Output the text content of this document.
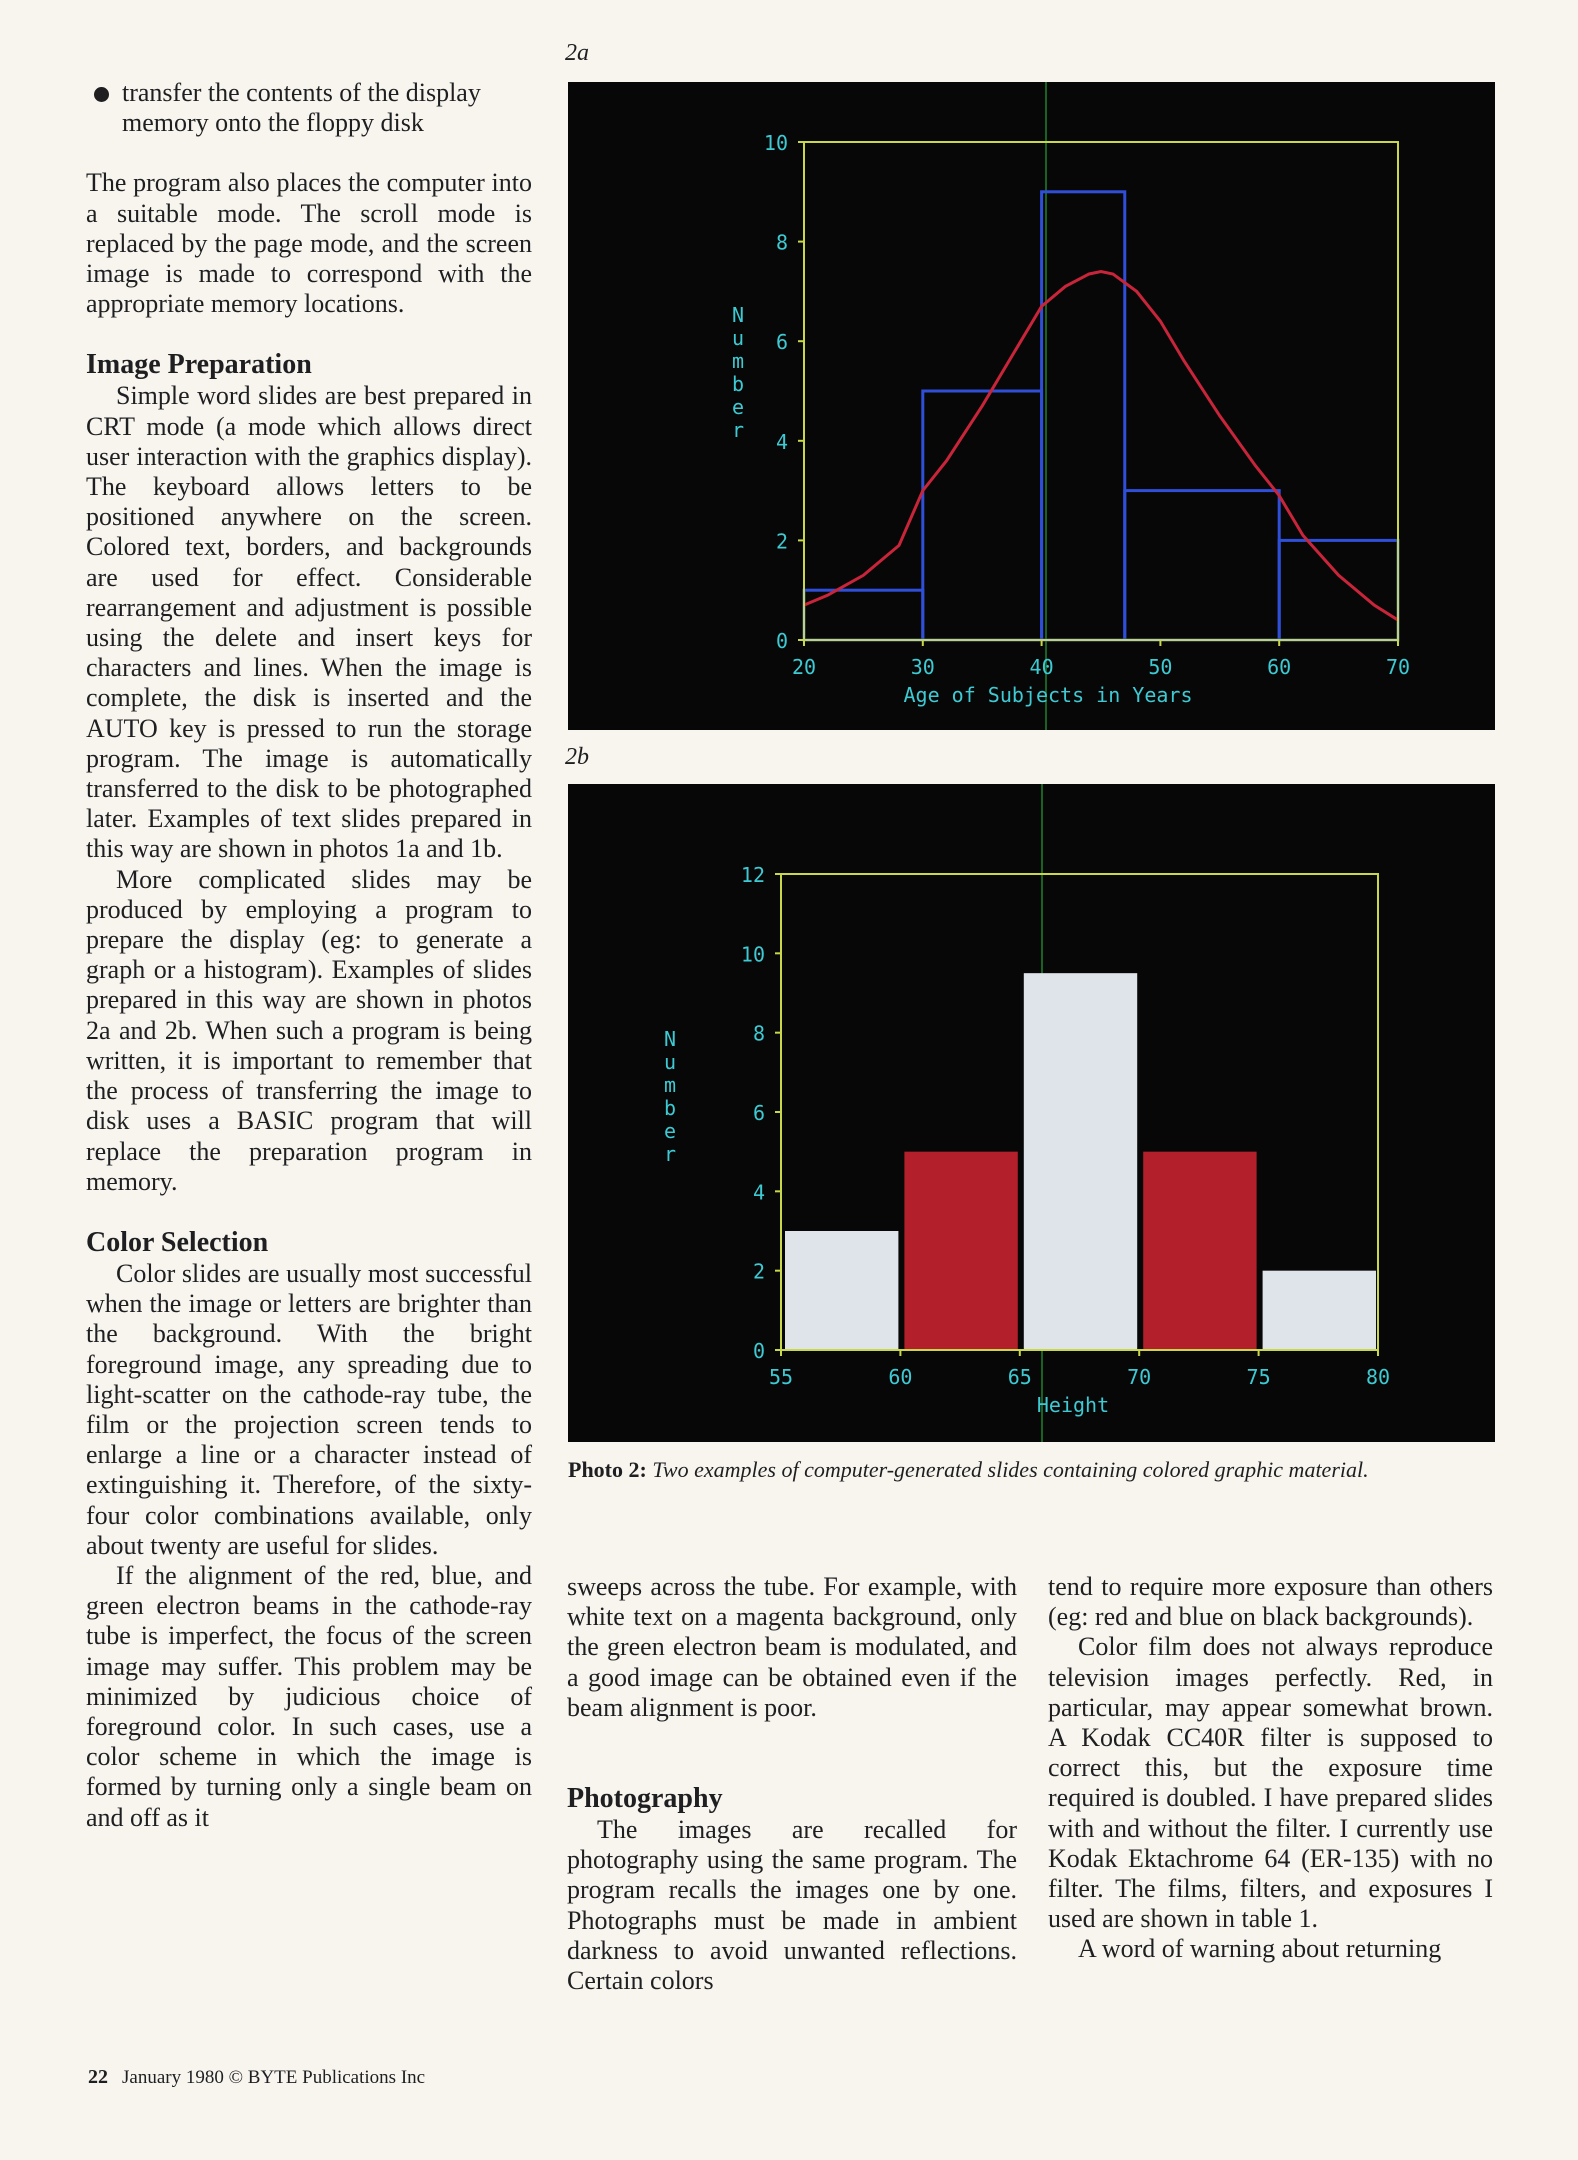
transfer the contents of the display memory onto the floppy disk

The program also places the computer into a suitable mode. The scroll mode is replaced by the page mode, and the screen image is made to correspond with the appropriate memory locations.

Image Preparation

Simple word slides are best prepared in CRT mode (a mode which allows direct user interaction with the graphics display). The keyboard allows letters to be positioned anywhere on the screen. Colored text, borders, and backgrounds are used for effect. Considerable rearrangement and adjustment is possible using the delete and insert keys for characters and lines. When the image is complete, the disk is inserted and the AUTO key is pressed to run the storage program. The image is automatically transferred to the disk to be photographed later. Examples of text slides prepared in this way are shown in photos 1a and 1b.

More complicated slides may be produced by employing a program to prepare the display (eg: to generate a graph or a histogram). Examples of slides prepared in this way are shown in photos 2a and 2b. When such a program is being written, it is important to remember that the process of transferring the image to disk uses a BASIC program that will replace the preparation program in memory.

Color Selection

Color slides are usually most successful when the image or letters are brighter than the background. With the bright foreground image, any spreading due to light-scatter on the cathode-ray tube, the film or the projection screen tends to enlarge a line or a character instead of extinguishing it. Therefore, of the sixty-four color combinations available, only about twenty are useful for slides.

If the alignment of the red, blue, and green electron beams in the cathode-ray tube is imperfect, the focus of the screen image may suffer. This problem may be minimized by judicious choice of foreground color. In such cases, use a color scheme in which the image is formed by turning only a single beam on and off as it

2a
2b
0
2
4
6
8
10
20	30	40	50	60	70
Age of Subjects in Years
N
u
m
b
e
r
0
2
4
6
8
10
12
55	60	65	70	75	80
Height
N
u
m
b
e
r
Photo 2: Two examples of computer-generated slides containing colored graphic material.

sweeps across the tube. For example, with white text on a magenta background, only the green electron beam is modulated, and a good image can be obtained even if the beam alignment is poor.

Photography

The images are recalled for photography using the same program. The program recalls the images one by one. Photographs must be made in ambient darkness to avoid unwanted reflections. Certain colors

tend to require more exposure than others (eg: red and blue on black backgrounds).

Color film does not always reproduce television images perfectly. Red, in particular, may appear somewhat brown. A Kodak CC40R filter is supposed to correct this, but the exposure time required is doubled. I have prepared slides with and without the filter. I currently use Kodak Ektachrome 64 (ER-135) with no filter. The films, filters, and exposures I used are shown in table 1.

A word of warning about returning

22 January 1980 © BYTE Publications Inc
